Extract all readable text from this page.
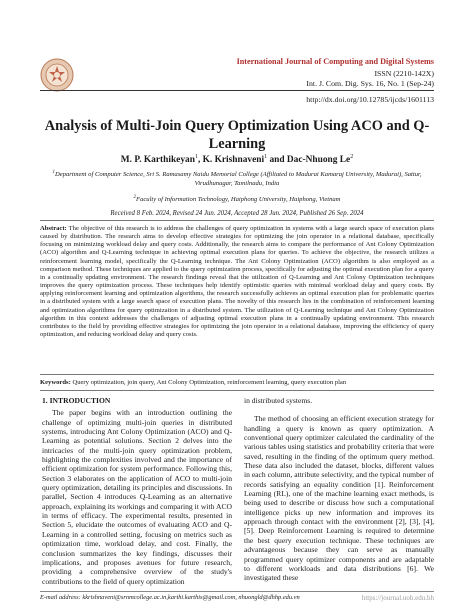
International Journal of Computing and Digital Systems
ISSN (2210-142X)
Int. J. Com. Dig. Sys. 16, No. 1 (Sep-24)
http://dx.doi.org/10.12785/ijcds/1601113
Analysis of Multi-Join Query Optimization Using ACO and Q-Learning
M. P. Karthikeyan$^1$, K. Krishnaveni$^1$ and Dac-Nhuong Le$^2$
$^1$Department of Computer Science, Sri S. Ramasamy Naidu Memorial College (Affiliated to Madurai Kamaraj University, Madurai), Sattur, Virudhunagar, Tamilnadu, India
$^2$Faculty of Information Technology, Haiphong University, Haiphong, Vietnam
Received 8 Feb. 2024, Revised 24 Jun. 2024, Accepted 28 Jun. 2024, Published 26 Sep. 2024
Abstract: The objective of this research is to address the challenges of query optimization in systems with a large search space of execution plans caused by distribution. The research aims to develop effective strategies for optimizing the join operator in a relational database, specifically focusing on minimizing workload delay and query costs. Additionally, the research aims to compare the performance of Ant Colony Optimization (ACO) algorithm and Q-Learning technique in achieving optimal execution plans for queries. To achieve the objective, the research utilizes a reinforcement learning model, specifically the Q-Learning technique. The Ant Colony Optimization (ACO) algorithm is also employed as a comparison method. These techniques are applied to the query optimization process, specifically for adjusting the optimal execution plan for a query in a continually updating environment. The research findings reveal that the utilization of Q-Learning and Ant Colony Optimization techniques improves the query optimization process. These techniques help identify optimistic queries with minimal workload delay and query costs. By applying reinforcement learning and optimization algorithms, the research successfully achieves an optimal execution plan for problematic queries in a distributed system with a large search space of execution plans. The novelty of this research lies in the combination of reinforcement learning and optimization algorithms for query optimization in a distributed system. The utilization of Q-Learning technique and Ant Colony Optimization algorithm in this context addresses the challenges of adjusting optimal execution plans in a continually updating environment. This research contributes to the field by providing effective strategies for optimizing the join operator in a relational database, improving the efficiency of query optimization, and reducing workload delay and query costs.
Keywords: Query optimization, join query, Ant Colony Optimization, reinforcement learning, query execution plan
1. INTRODUCTION
The paper begins with an introduction outlining the challenge of optimizing multi-join queries in distributed systems, introducing Ant Colony Optimization (ACO) and Q-Learning as potential solutions. Section 2 delves into the intricacies of the multi-join query optimization problem, highlighting the complexities involved and the importance of efficient optimization for system performance. Following this, Section 3 elaborates on the application of ACO to multi-join query optimization, detailing its principles and discussions. In parallel, Section 4 introduces Q-Learning as an alternative approach, explaining its workings and comparing it with ACO in terms of efficacy. The experimental results, presented in Section 5, elucidate the outcomes of evaluating ACO and Q-Learning in a controlled setting, focusing on metrics such as optimization time, workload delay, and cost. Finally, the conclusion summarizes the key findings, discusses their implications, and proposes avenues for future research, providing a comprehensive overview of the study's contributions to the field of query optimization
in distributed systems.
The method of choosing an efficient execution strategy for handling a query is known as query optimization. A conventional query optimizer calculated the cardinality of the various tables using statistics and probability criteria that were saved, resulting in the finding of the optimum query method. These data also included the dataset, blocks, different values in each column, attribute selectivity, and the typical number of records satisfying an equality condition [1]. Reinforcement Learning (RL), one of the machine learning exact methods, is being used to describe or discuss how such a computational intelligence picks up new information and improves its approach through contact with the environment [2], [3], [4], [5]. Deep Reinforcement Learning is required to determine the best query execution technique. These techniques are advantageous because they can serve as manually programmed query optimizer components and are adaptable to different workloads and data distributions [6]. We investigated these
E-mail address: kkrishnaveni@srnmcollege.ac.in,karthi.karthis@gmail.com, nhuongld@dhhp.edu.vn	https://journal.uob.edu.bh
